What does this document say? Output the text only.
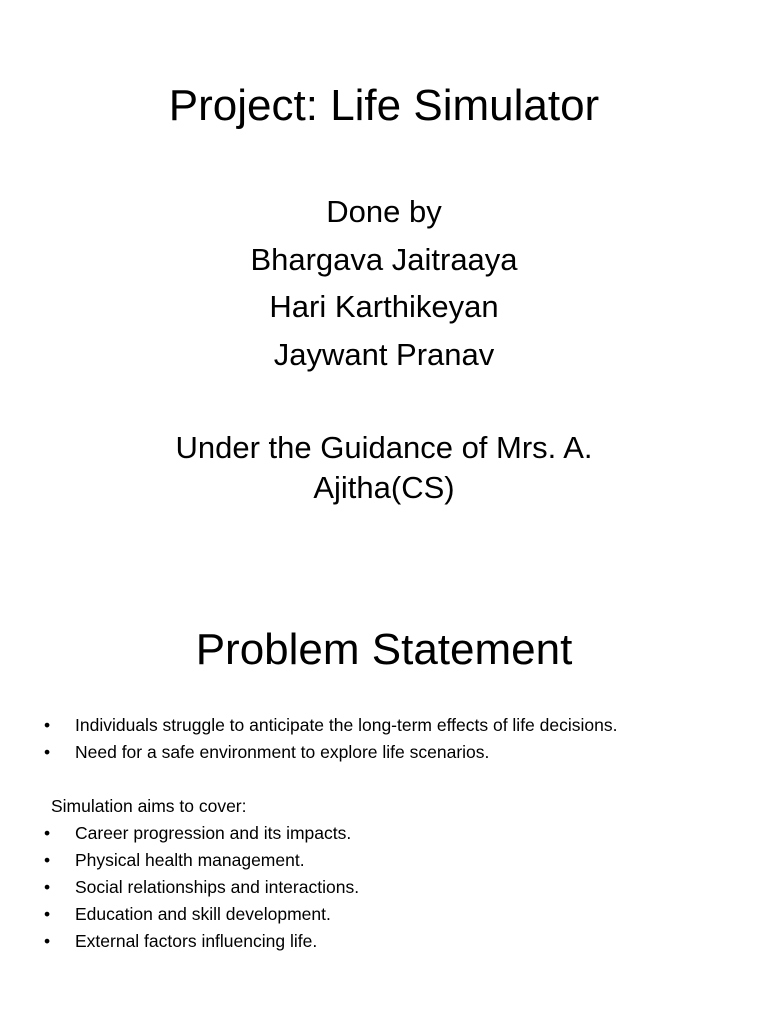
Project: Life Simulator
Done by
Bhargava Jaitraaya
Hari Karthikeyan
Jaywant Pranav
Under the Guidance of Mrs. A. Ajitha(CS)
Problem Statement
•	Individuals struggle to anticipate the long-term effects of life decisions.
•	Need for a safe environment to explore life scenarios.
Simulation aims to cover:
•	Career progression and its impacts.
•	Physical health management.
•	Social relationships and interactions.
•	Education and skill development.
•	External factors influencing life.
